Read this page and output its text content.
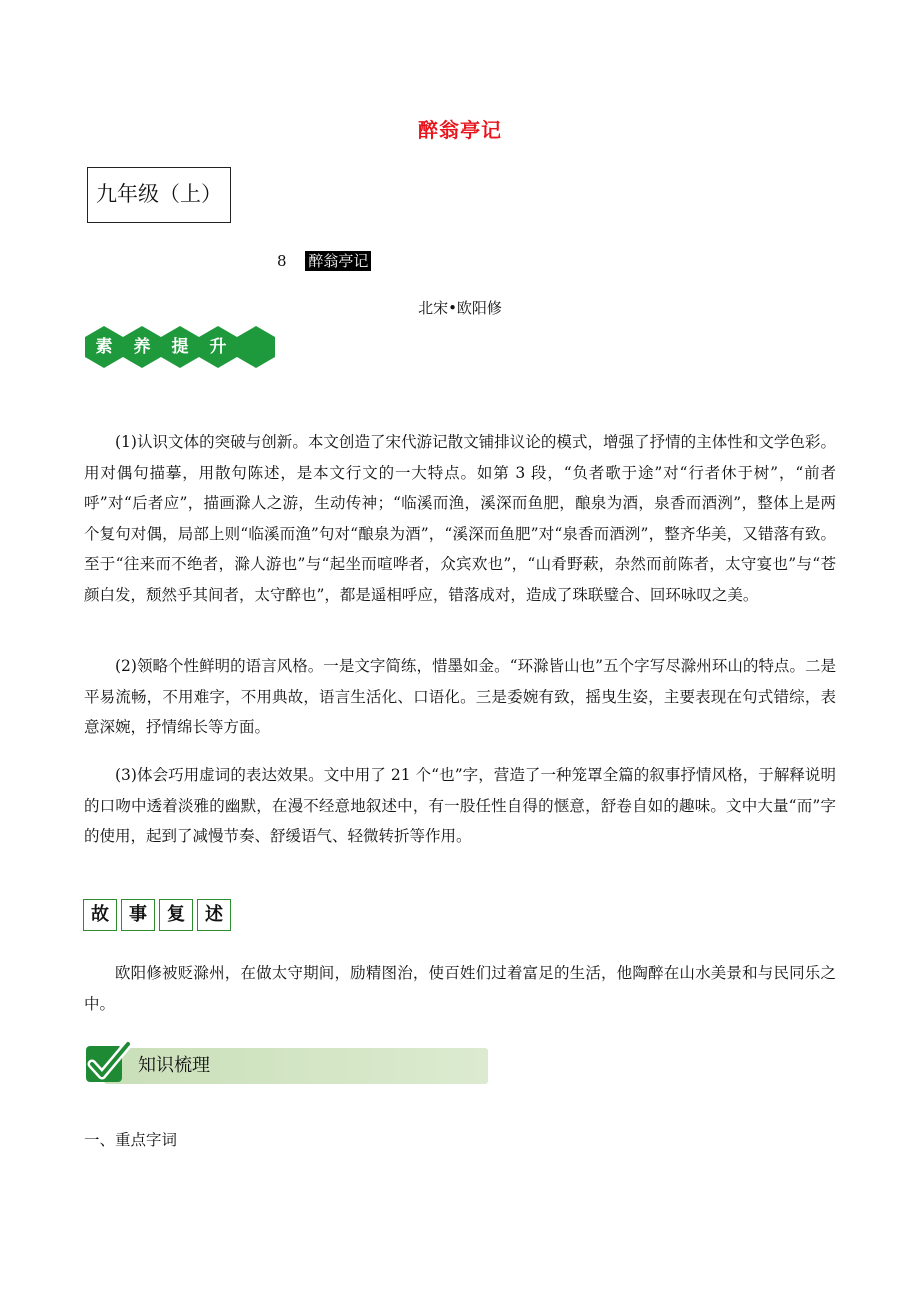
醉翁亭记
九年级（上）
8 醉翁亭记
北宋•欧阳修
素	养	提	升

(1)认识文体的突破与创新。本文创造了宋代游记散文铺排议论的模式，增强了抒情的主体性和文学色彩。用对偶句描摹，用散句陈述，是本文行文的一大特点。如第 3 段，“负者歌于途”对“行者休于树”，“前者呼”对“后者应”，描画滁人之游，生动传神；“临溪而渔，溪深而鱼肥，酿泉为酒，泉香而酒洌”，整体上是两个复句对偶，局部上则“临溪而渔”句对“酿泉为酒”，“溪深而鱼肥”对“泉香而酒洌”，整齐华美，又错落有致。至于“往来而不绝者，滁人游也”与“起坐而喧哗者，众宾欢也”，“山肴野蔌，杂然而前陈者，太守宴也”与“苍颜白发，颓然乎其间者，太守醉也”，都是遥相呼应，错落成对，造成了珠联璧合、回环咏叹之美。

(2)领略个性鲜明的语言风格。一是文字简练，惜墨如金。“环滁皆山也”五个字写尽滁州环山的特点。二是平易流畅，不用难字，不用典故，语言生活化、口语化。三是委婉有致，摇曳生姿，主要表现在句式错综，表意深婉，抒情绵长等方面。

(3)体会巧用虚词的表达效果。文中用了 21 个“也”字，营造了一种笼罩全篇的叙事抒情风格，于解释说明的口吻中透着淡雅的幽默，在漫不经意地叙述中，有一股任性自得的惬意，舒卷自如的趣味。文中大量“而”字的使用，起到了减慢节奏、舒缓语气、轻微转折等作用。

故	事	复	述

欧阳修被贬滁州，在做太守期间，励精图治，使百姓们过着富足的生活，他陶醉在山水美景和与民同乐之中。

知识梳理
一、重点字词
